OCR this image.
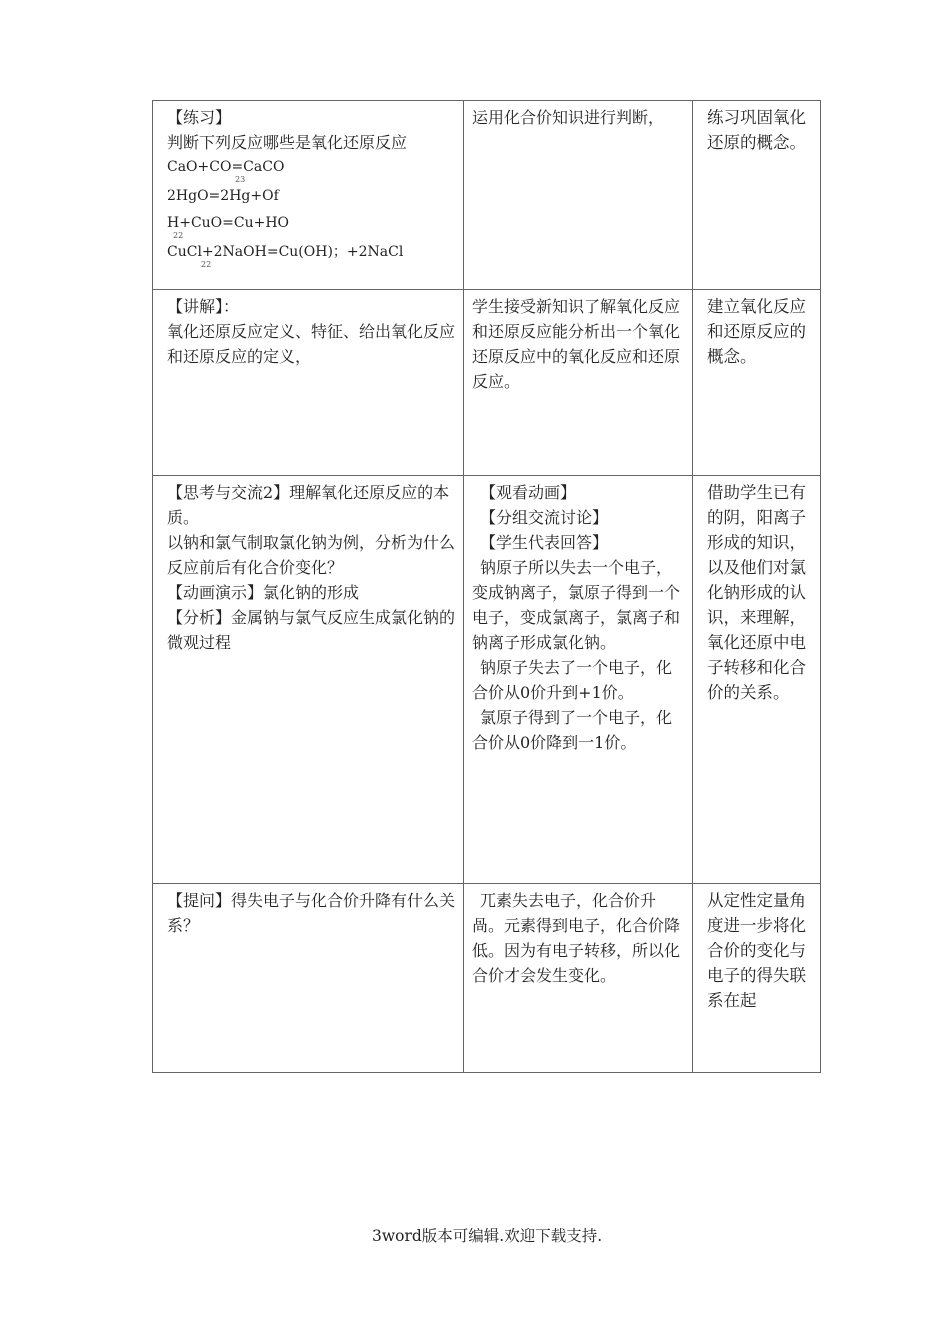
【练习】
判断下列反应哪些是氧化还原反应
CaO+CO=CaCO
23
2HgO=2Hg+Of
H+CuO=Cu+HO
22
CuCl+2NaOH=Cu(OH)；+2NaCl
22
运用化合价知识进行判断，	练习巩固氧化还原的概念。
【讲解】：
氧化还原反应定义、特征、给出氧化反应和还原反应的定义，
学生接受新知识了解氧化反应和还原反应能分析出一个氧化还原反应中的氧化反应和还原反应。
建立氧化反应和还原反应的概念。
【思考与交流2】理解氧化还原反应的本质。
以钠和氯气制取氯化钠为例，分析为什么反应前后有化合价变化？
【动画演示】氯化钠的形成
【分析】金属钠与氯气反应生成氯化钠的微观过程
【观看动画】
【分组交流讨论】
【学生代表回答】
钠原子所以失去一个电子，变成钠离子，氯原子得到一个电子，变成氯离子，氯离子和钠离子形成氯化钠。
钠原子失去了一个电子，化合价从0价升到+1价。
氯原子得到了一个电子，化合价从0价降到一1价。
借助学生已有的阴，阳离子形成的知识，以及他们对氯化钠形成的认识，来理解，氧化还原中电子转移和化合价的关系。
【提问】得失电子与化合价升降有什么关系？
兀素失去电子，化合价升咼。元素得到电子，化合价降低。因为有电子转移，所以化合价才会发生变化。
从定性定量角度进一步将化合价的变化与电子的得失联系在起
3word版本可编辑.欢迎下载支持.
